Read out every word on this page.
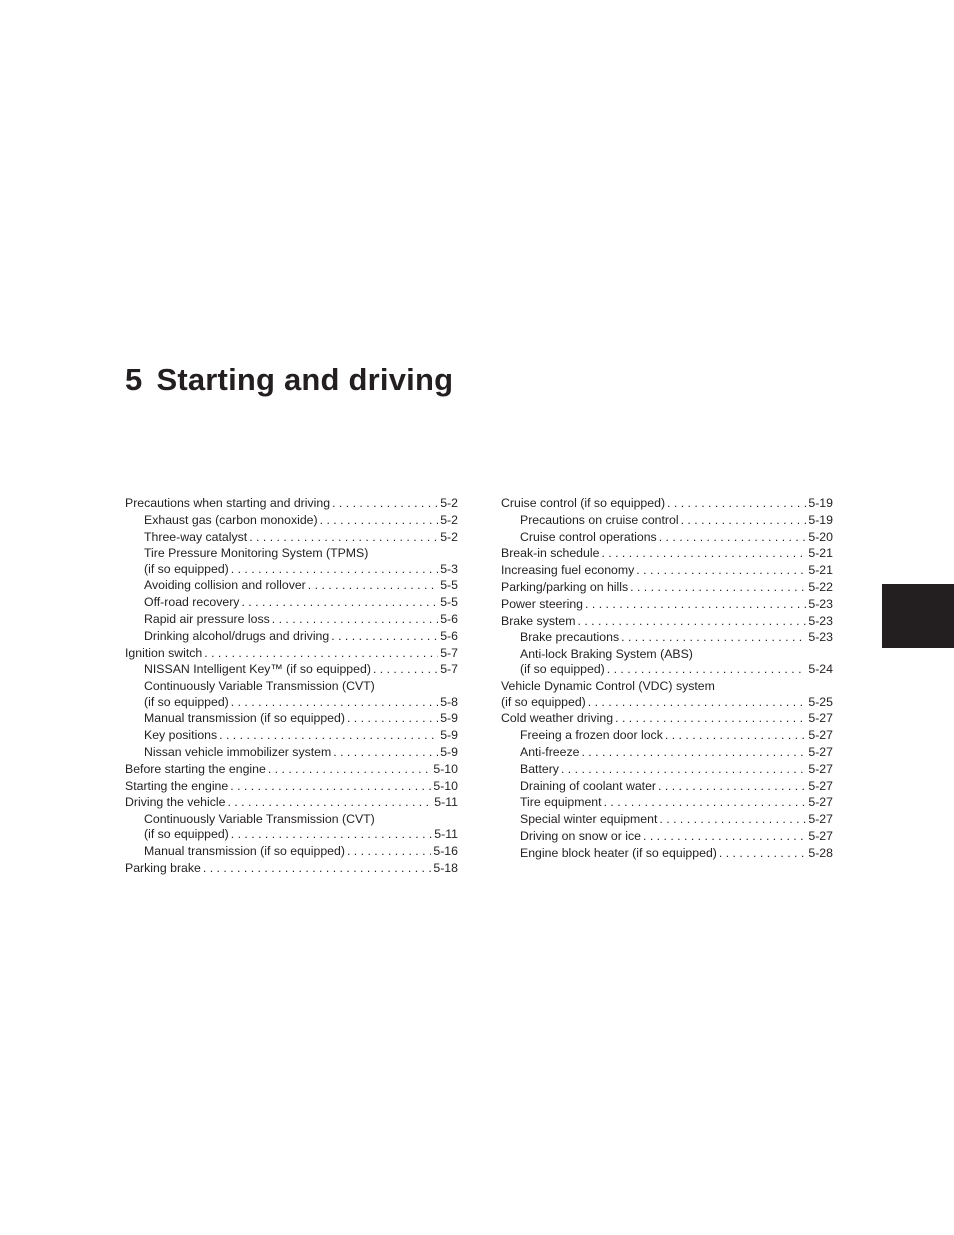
5 Starting and driving
Precautions when starting and driving . . .	5-2
Exhaust gas (carbon monoxide) . . .	5-2
Three-way catalyst . . .	5-2
Tire Pressure Monitoring System (TPMS)
(if so equipped) . . .	5-3
Avoiding collision and rollover . . .	5-5
Off-road recovery . . .	5-5
Rapid air pressure loss . . .	5-6
Drinking alcohol/drugs and driving . . .	5-6
Ignition switch . . .	5-7
NISSAN Intelligent Key™ (if so equipped) . . .	5-7
Continuously Variable Transmission (CVT)
(if so equipped) . . .	5-8
Manual transmission (if so equipped) . . .	5-9
Key positions . . .	5-9
Nissan vehicle immobilizer system . . .	5-9
Before starting the engine . . .	5-10
Starting the engine . . .	5-10
Driving the vehicle . . .	5-11
Continuously Variable Transmission (CVT)
(if so equipped) . . .	5-11
Manual transmission (if so equipped) . . .	5-16
Parking brake . . .	5-18
Cruise control (if so equipped) . . .	5-19
Precautions on cruise control . . .	5-19
Cruise control operations . . .	5-20
Break-in schedule . . .	5-21
Increasing fuel economy . . .	5-21
Parking/parking on hills . . .	5-22
Power steering . . .	5-23
Brake system . . .	5-23
Brake precautions . . .	5-23
Anti-lock Braking System (ABS)
(if so equipped) . . .	5-24
Vehicle Dynamic Control (VDC) system
(if so equipped) . . .	5-25
Cold weather driving . . .	5-27
Freeing a frozen door lock . . .	5-27
Anti-freeze . . .	5-27
Battery . . .	5-27
Draining of coolant water . . .	5-27
Tire equipment . . .	5-27
Special winter equipment . . .	5-27
Driving on snow or ice . . .	5-27
Engine block heater (if so equipped) . . .	5-28
